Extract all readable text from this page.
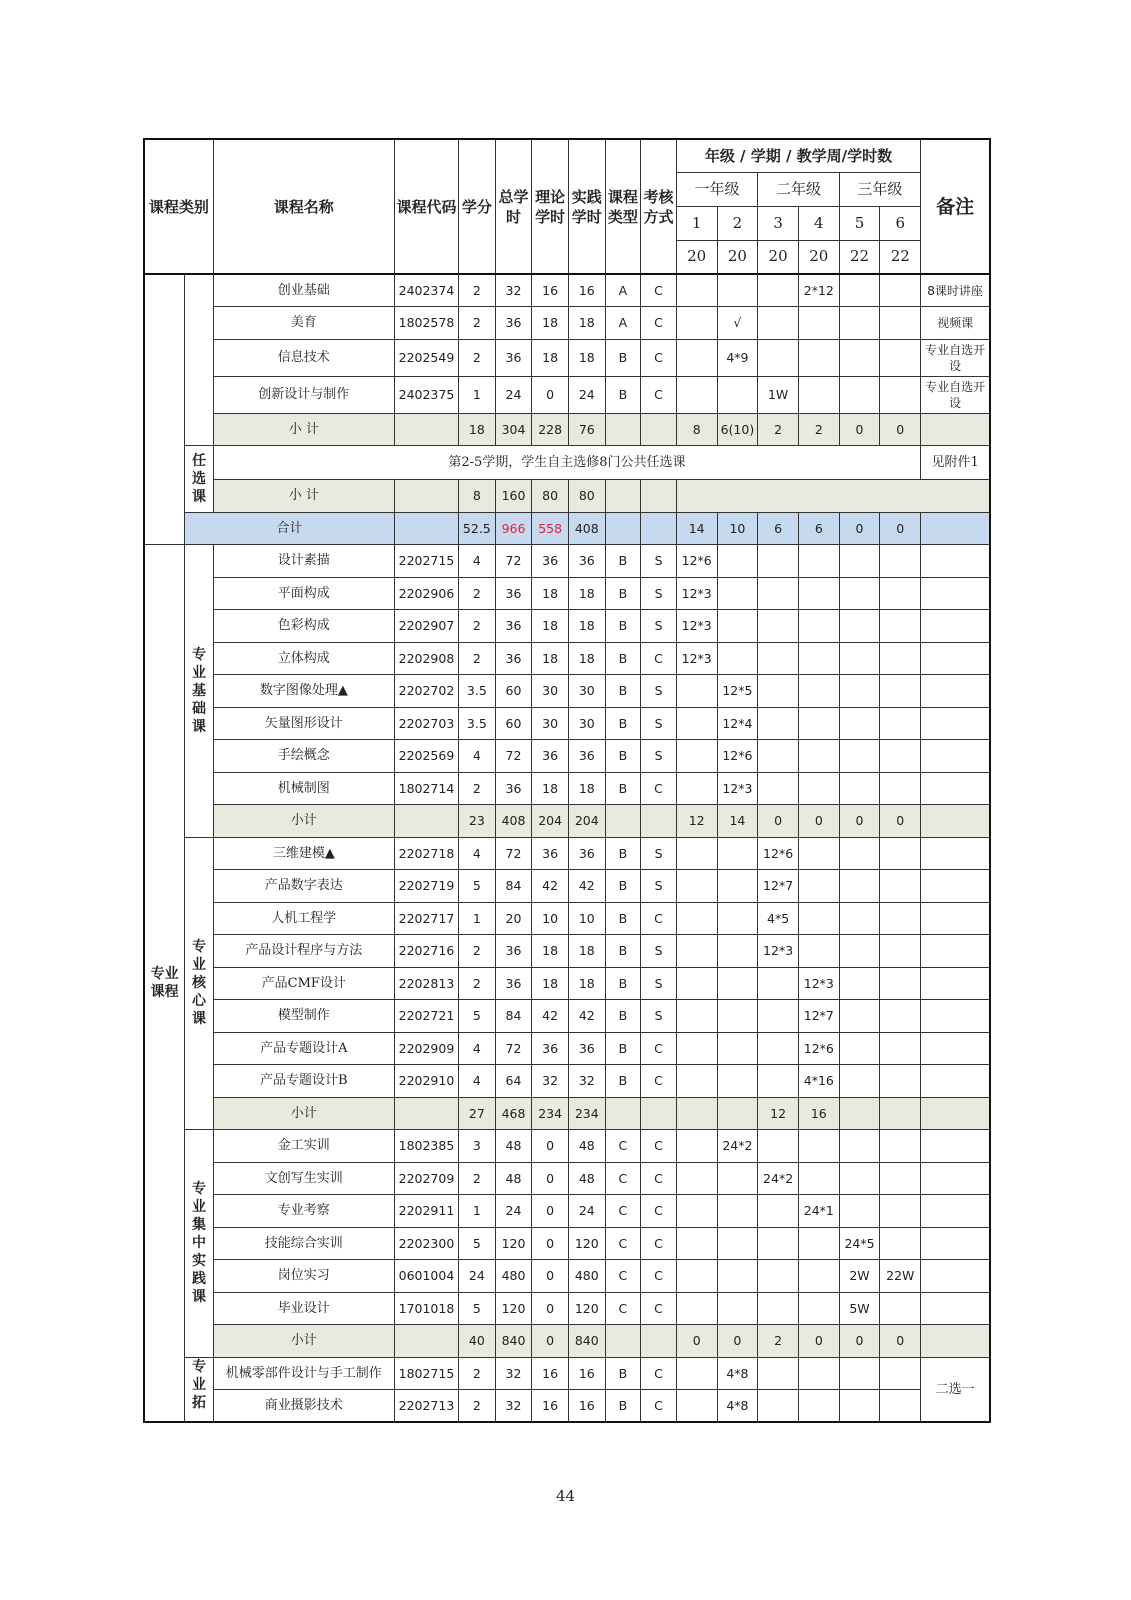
课程类别		课程名称	课程代码	学分	总学时	理论学时	实践学时	课程类型	考核方式	年级 / 学期 / 教学周/学时数						备注
										一年级		二年级		三年级		
										1	2	3	4	5	6	
										20	20	20	20	22	22	
		创业基础	2402374	2	32	16	16	A	C				2*12			8课时讲座
		美育	1802578	2	36	18	18	A	C		√					视频课
		信息技术	2202549	2	36	18	18	B	C		4*9					专业自选开设
		创新设计与制作	2402375	1	24	0	24	B	C			1W				专业自选开设
		小 计		18	304	228	76			8	6(10)	2	2	0	0	
	任选课	第2-5学期，学生自主选修8门公共任选课														见附件1
		小 计		8	160	80	80									
	合计			52.5	966	558	408			14	10	6	6	0	0	
专业课程	专业基础课	设计素描	2202715	4	72	36	36	B	S	12*6						
		平面构成	2202906	2	36	18	18	B	S	12*3						
		色彩构成	2202907	2	36	18	18	B	S	12*3						
		立体构成	2202908	2	36	18	18	B	C	12*3						
		数字图像处理▲	2202702	3.5	60	30	30	B	S		12*5					
		矢量图形设计	2202703	3.5	60	30	30	B	S		12*4					
		手绘概念	2202569	4	72	36	36	B	S		12*6					
		机械制图	1802714	2	36	18	18	B	C		12*3					
		小计		23	408	204	204			12	14	0	0	0	0	
	专业核心课	三维建模▲	2202718	4	72	36	36	B	S			12*6				
		产品数字表达	2202719	5	84	42	42	B	S			12*7				
		人机工程学	2202717	1	20	10	10	B	C			4*5				
		产品设计程序与方法	2202716	2	36	18	18	B	S			12*3				
		产品CMF设计	2202813	2	36	18	18	B	S				12*3			
		模型制作	2202721	5	84	42	42	B	S				12*7			
		产品专题设计A	2202909	4	72	36	36	B	C				12*6			
		产品专题设计B	2202910	4	64	32	32	B	C				4*16			
		小计		27	468	234	234					12	16			
	专业集中实践课	金工实训	1802385	3	48	0	48	C	C		24*2					
		文创写生实训	2202709	2	48	0	48	C	C			24*2				
		专业考察	2202911	1	24	0	24	C	C				24*1			
		技能综合实训	2202300	5	120	0	120	C	C					24*5		
		岗位实习	0601004	24	480	0	480	C	C					2W	22W	
		毕业设计	1701018	5	120	0	120	C	C					5W		
		小计		40	840	0	840			0	0	2	0	0	0	
	专业拓	机械零部件设计与手工制作	1802715	2	32	16	16	B	C		4*8					二选一
		商业摄影技术	2202713	2	32	16	16	B	C		4*8					
44
